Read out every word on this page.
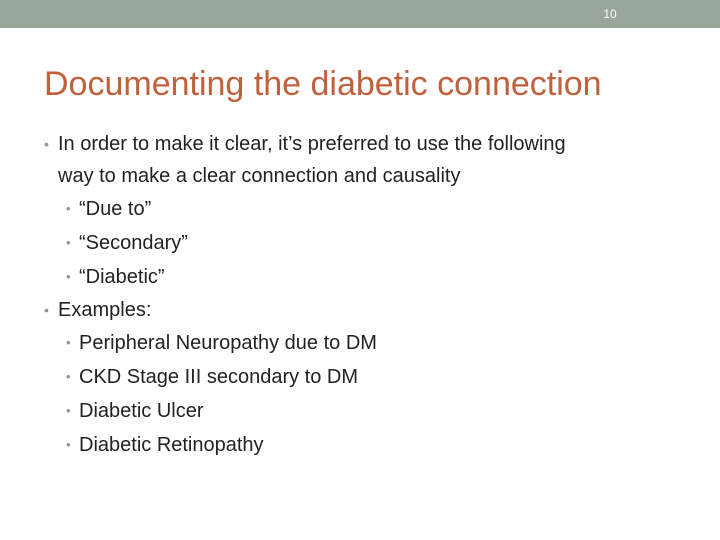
10
Documenting the diabetic connection
• In order to make it clear, it’s preferred to use the following
way to make a clear connection and causality
• “Due to”
• “Secondary”
• “Diabetic”
• Examples:
• Peripheral Neuropathy due to DM
• CKD Stage III secondary to DM
• Diabetic Ulcer
• Diabetic Retinopathy
